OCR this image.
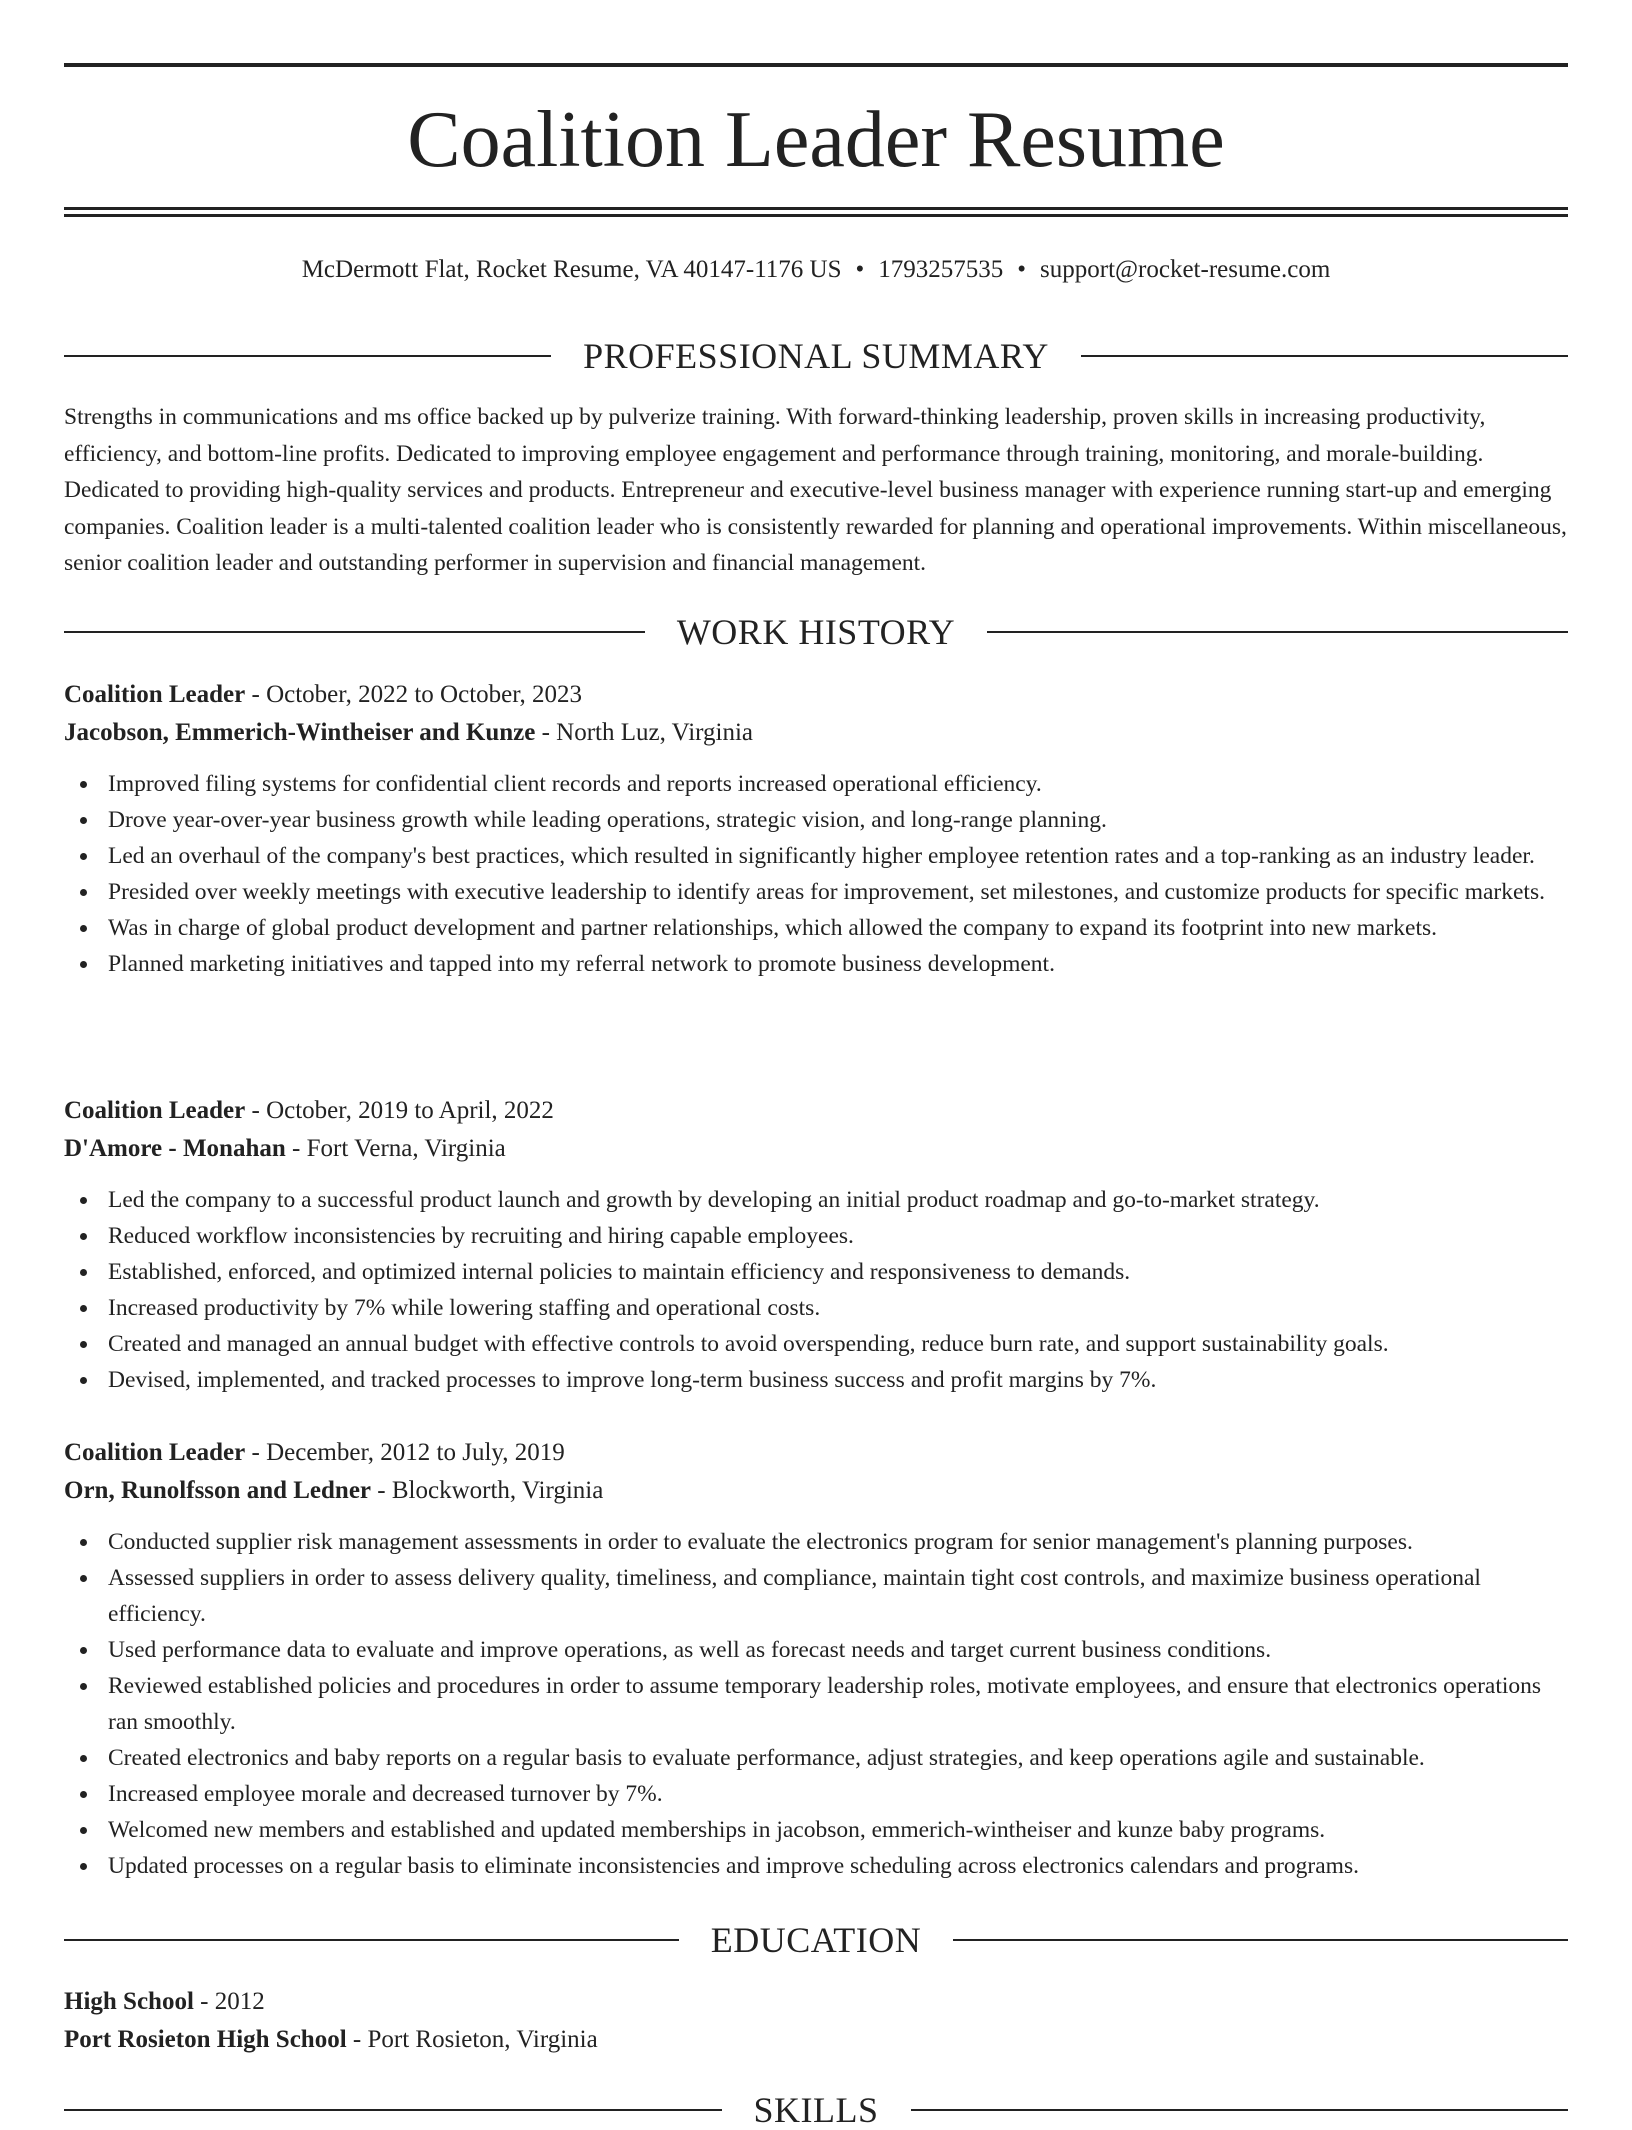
Coalition Leader Resume
McDermott Flat, Rocket Resume, VA 40147-1176 US • 1793257535 • support@rocket-resume.com
PROFESSIONAL SUMMARY

Strengths in communications and ms office backed up by pulverize training. With forward-thinking leadership, proven skills in increasing productivity, efficiency, and bottom-line profits. Dedicated to improving employee engagement and performance through training, monitoring, and morale-building. Dedicated to providing high-quality services and products. Entrepreneur and executive-level business manager with experience running start-up and emerging companies. Coalition leader is a multi-talented coalition leader who is consistently rewarded for planning and operational improvements. Within miscellaneous, senior coalition leader and outstanding performer in supervision and financial management.

WORK HISTORY
Coalition Leader - October, 2022 to October, 2023
Jacobson, Emmerich-Wintheiser and Kunze - North Luz, Virginia
Improved filing systems for confidential client records and reports increased operational efficiency.
Drove year-over-year business growth while leading operations, strategic vision, and long-range planning.
Led an overhaul of the company's best practices, which resulted in significantly higher employee retention rates and a top-ranking as an industry leader.
Presided over weekly meetings with executive leadership to identify areas for improvement, set milestones, and customize products for specific markets.
Was in charge of global product development and partner relationships, which allowed the company to expand its footprint into new markets.
Planned marketing initiatives and tapped into my referral network to promote business development.
Coalition Leader - October, 2019 to April, 2022
D'Amore - Monahan - Fort Verna, Virginia
Led the company to a successful product launch and growth by developing an initial product roadmap and go-to-market strategy.
Reduced workflow inconsistencies by recruiting and hiring capable employees.
Established, enforced, and optimized internal policies to maintain efficiency and responsiveness to demands.
Increased productivity by 7% while lowering staffing and operational costs.
Created and managed an annual budget with effective controls to avoid overspending, reduce burn rate, and support sustainability goals.
Devised, implemented, and tracked processes to improve long-term business success and profit margins by 7%.
Coalition Leader - December, 2012 to July, 2019
Orn, Runolfsson and Ledner - Blockworth, Virginia
Conducted supplier risk management assessments in order to evaluate the electronics program for senior management's planning purposes.
Assessed suppliers in order to assess delivery quality, timeliness, and compliance, maintain tight cost controls, and maximize business operational efficiency.
Used performance data to evaluate and improve operations, as well as forecast needs and target current business conditions.
Reviewed established policies and procedures in order to assume temporary leadership roles, motivate employees, and ensure that electronics operations ran smoothly.
Created electronics and baby reports on a regular basis to evaluate performance, adjust strategies, and keep operations agile and sustainable.
Increased employee morale and decreased turnover by 7%.
Welcomed new members and established and updated memberships in jacobson, emmerich-wintheiser and kunze baby programs.
Updated processes on a regular basis to eliminate inconsistencies and improve scheduling across electronics calendars and programs.
EDUCATION
High School - 2012
Port Rosieton High School - Port Rosieton, Virginia
SKILLS
